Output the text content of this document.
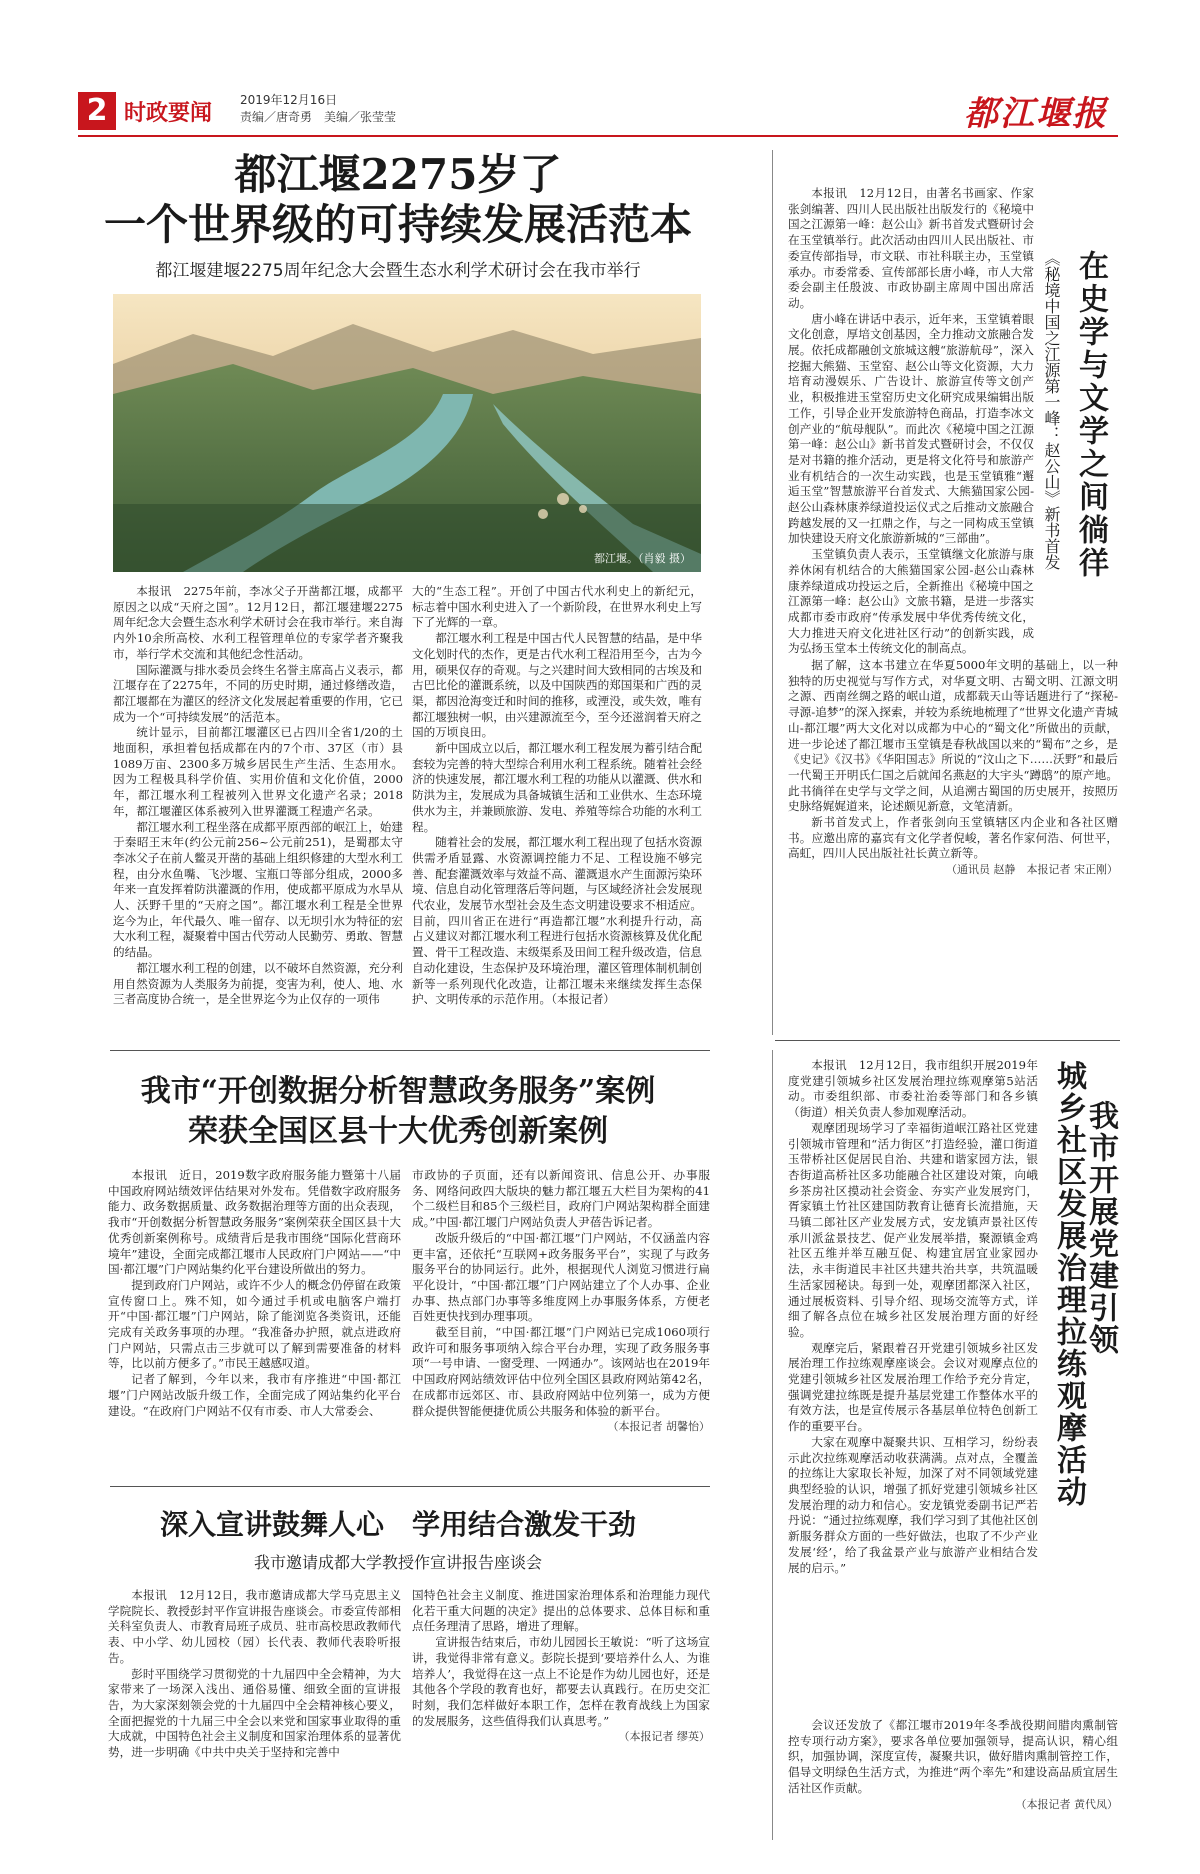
2 时政要闻
2019年12月16日
责编／唐奇勇　美编／张莹莹	都江堰报
都江堰2275岁了
一个世界级的可持续发展活范本
都江堰建堰2275周年纪念大会暨生态水利学术研讨会在我市举行
都江堰。（肖毅 摄）

本报讯　2275年前，李冰父子开凿都江堰，成都平原因之以成“天府之国”。12月12日，都江堰建堰2275周年纪念大会暨生态水利学术研讨会在我市举行。来自海内外10余所高校、水利工程管理单位的专家学者齐聚我市，举行学术交流和其他纪念性活动。

国际灌溉与排水委员会终生名誉主席高占义表示，都江堰存在了2275年，不同的历史时期，通过修缮改造，都江堰都在为灌区的经济文化发展起着重要的作用，它已成为一个“可持续发展”的活范本。

统计显示，目前都江堰灌区已占四川全省1/20的土地面积，承担着包括成都在内的7个市、37区（市）县1089万亩、2300多万城乡居民生产生活、生态用水。因为工程极具科学价值、实用价值和文化价值，2000年，都江堰水利工程被列入世界文化遗产名录；2018年，都江堰灌区体系被列入世界灌溉工程遗产名录。

都江堰水利工程坐落在成都平原西部的岷江上，始建于秦昭王末年(约公元前256~公元前251)，是蜀郡太守李冰父子在前人鳖灵开凿的基础上组织修建的大型水利工程，由分水鱼嘴、飞沙堰、宝瓶口等部分组成，2000多年来一直发挥着防洪灌溉的作用，使成都平原成为水旱从人、沃野千里的“天府之国”。都江堰水利工程是全世界迄今为止，年代最久、唯一留存、以无坝引水为特征的宏大水利工程，凝聚着中国古代劳动人民勤劳、勇敢、智慧的结晶。

都江堰水利工程的创建，以不破坏自然资源，充分利用自然资源为人类服务为前提，变害为利，使人、地、水三者高度协合统一，是全世界迄今为止仅存的一项伟

大的“生态工程”。开创了中国古代水利史上的新纪元，标志着中国水利史进入了一个新阶段，在世界水利史上写下了光辉的一章。

都江堰水利工程是中国古代人民智慧的结晶，是中华文化划时代的杰作，更是古代水利工程沿用至今，古为今用，硕果仅存的奇观。与之兴建时间大致相同的古埃及和古巴比伦的灌溉系统，以及中国陕西的郑国渠和广西的灵渠，都因沧海变迁和时间的推移，或湮没，或失效，唯有都江堰独树一帜，由兴建源流至今，至今还滋润着天府之国的万顷良田。

新中国成立以后，都江堰水利工程发展为蓄引结合配套较为完善的特大型综合利用水利工程系统。随着社会经济的快速发展，都江堰水利工程的功能从以灌溉、供水和防洪为主，发展成为具备城镇生活和工业供水、生态环境供水为主，并兼顾旅游、发电、养殖等综合功能的水利工程。

随着社会的发展，都江堰水利工程出现了包括水资源供需矛盾显露、水资源调控能力不足、工程设施不够完善、配套灌溉效率与效益不高、灌溉退水产生面源污染环境、信息自动化管理落后等问题，与区域经济社会发展现代农业，发展节水型社会及生态文明建设要求不相适应。目前，四川省正在进行“再造都江堰”水利提升行动，高占义建议对都江堰水利工程进行包括水资源核算及优化配置、骨干工程改造、末级渠系及田间工程升级改造，信息自动化建设，生态保护及环境治理，灌区管理体制机制创新等一系列现代化改造，让都江堰未来继续发挥生态保护、文明传承的示范作用。（本报记者）

本报讯　12月12日，由著名书画家、作家张剑编著、四川人民出版社出版发行的《秘境中国之江源第一峰：赵公山》新书首发式暨研讨会在玉堂镇举行。此次活动由四川人民出版社、市委宣传部指导，市文联、市社科联主办，玉堂镇承办。市委常委、宣传部部长唐小峰，市人大常委会副主任殷波、市政协副主席周中国出席活动。

唐小峰在讲话中表示，近年来，玉堂镇着眼文化创意，厚培文创基因，全力推动文旅融合发展。依托成都融创文旅城这艘“旅游航母”，深入挖掘大熊猫、玉堂窑、赵公山等文化资源，大力培育动漫娱乐、广告设计、旅游宣传等文创产业，积极推进玉堂窑历史文化研究成果编辑出版工作，引导企业开发旅游特色商品，打造李冰文创产业的“航母舰队”。而此次《秘境中国之江源第一峰：赵公山》新书首发式暨研讨会，不仅仅是对书籍的推介活动，更是将文化符号和旅游产业有机结合的一次生动实践，也是玉堂镇雅“邂逅玉堂”智慧旅游平台首发式、大熊猫国家公园-赵公山森林康养绿道投运仪式之后推动文旅融合跨越发展的又一扛鼎之作，与之一同构成玉堂镇加快建设天府文化旅游新城的“三部曲”。

玉堂镇负责人表示，玉堂镇继文化旅游与康养休闲有机结合的大熊猫国家公园-赵公山森林康养绿道成功投运之后，全新推出《秘境中国之江源第一峰：赵公山》文旅书籍，是进一步落实成都市委市政府“传承发展中华优秀传统文化，大力推进天府文化进社区行动”的创新实践，成为弘扬玉堂本土传统文化的制高点。

据了解，这本书建立在华夏5000年文明的基础上，以一种独特的历史视觉与写作方式，对华夏文明、古蜀文明、江源文明之源、西南丝绸之路的岷山道，成都载天山等话题进行了“探秘-寻源-追梦”的深入探索，并较为系统地梳理了“世界文化遗产青城山-都江堰”两大文化对以成都为中心的“蜀文化”所做出的贡献，进一步论述了都江堰市玉堂镇是春秋战国以来的“蜀布”之乡，是《史记》《汉书》《华阳国志》所说的“汶山之下……沃野”和最后一代蜀王开明氏仁国之后就闻名燕赵的大宇头“蹲鸱”的原产地。此书徜徉在史学与文学之间，从追溯古蜀国的历史展开，按照历史脉络娓娓道来，论述颇见新意，文笔清新。

新书首发式上，作者张剑向玉堂镇辖区内企业和各社区赠书。应邀出席的嘉宾有文化学者倪峻，著名作家何浩、何世平，高虹，四川人民出版社社长黄立新等。

（通讯员 赵静　本报记者 宋正刚）
在史学与文学之间徜徉
《秘境中国之江源第一峰：赵公山》新书首发
我市“开创数据分析智慧政务服务”案例
荣获全国区县十大优秀创新案例

本报讯　近日，2019数字政府服务能力暨第十八届中国政府网站绩效评估结果对外发布。凭借数字政府服务能力、政务数据质量、政务数据治理等方面的出众表现，我市“开创数据分析智慧政务服务”案例荣获全国区县十大优秀创新案例称号。成绩背后是我市围绕“国际化营商环境年”建设，全面完成都江堰市人民政府门户网站——“中国·都江堰”门户网站集约化平台建设所做出的努力。

提到政府门户网站，或许不少人的概念仍停留在政策宣传窗口上。殊不知，如今通过手机或电脑客户端打开“中国·都江堰”门户网站，除了能浏览各类资讯，还能完成有关政务事项的办理。“我准备办护照，就点进政府门户网站，只需点击三步就可以了解到需要准备的材料等，比以前方便多了。”市民王越感叹道。

记者了解到，今年以来，我市有序推进“中国·都江堰”门户网站改版升级工作，全面完成了网站集约化平台建设。“在政府门户网站不仅有市委、市人大常委会、

市政协的子页面，还有以新闻资讯、信息公开、办事服务、网络问政四大版块的魅力都江堰五大栏目为架构的41个二级栏目和85个三级栏目，政府门户网站架构群全面建成。”中国·都江堰门户网站负责人尹蓓告诉记者。

改版升级后的“中国·都江堰”门户网站，不仅涵盖内容更丰富，还依托“互联网+政务服务平台”，实现了与政务服务平台的协同运行。此外，根据现代人浏览习惯进行扁平化设计，“中国·都江堰”门户网站建立了个人办事、企业办事、热点部门办事等多维度网上办事服务体系，方便老百姓更快找到办理事项。

截至目前，“中国·都江堰”门户网站已完成1060项行政许可和服务事项纳入综合平台办理，实现了政务服务事项“一号申请、一窗受理、一网通办”。该网站也在2019年中国政府网站绩效评估中位列全国区县政府网站第42名，在成都市远郊区、市、县政府网站中位列第一，成为方便群众提供智能便捷优质公共服务和体验的新平台。

（本报记者 胡馨怡）
深入宣讲鼓舞人心　学用结合激发干劲
我市邀请成都大学教授作宣讲报告座谈会

本报讯　12月12日，我市邀请成都大学马克思主义学院院长、教授彭封平作宣讲报告座谈会。市委宣传部相关科室负责人、市教育局班子成员、驻市高校思政教师代表、中小学、幼儿园校（园）长代表、教师代表聆听报告。

彭时平围绕学习贯彻党的十九届四中全会精神，为大家带来了一场深入浅出、通俗易懂、细致全面的宣讲报告，为大家深刻领会党的十九届四中全会精神核心要义，全面把握党的十九届三中全会以来党和国家事业取得的重大成就，中国特色社会主义制度和国家治理体系的显著优势，进一步明确《中共中央关于坚持和完善中

国特色社会主义制度、推进国家治理体系和治理能力现代化若干重大问题的决定》提出的总体要求、总体目标和重点任务理清了思路，增进了理解。

宣讲报告结束后，市幼儿园园长王敏说：“听了这场宣讲，我觉得非常有意义。彭院长提到‘要培养什么人、为谁培养人’，我觉得在这一点上不论是作为幼儿园也好，还是其他各个学段的教育也好，都要去认真践行。在历史交汇时刻，我们怎样做好本职工作，怎样在教育战线上为国家的发展服务，这些值得我们认真思考。”

（本报记者 缪英）

本报讯　12月12日，我市组织开展2019年度党建引领城乡社区发展治理拉练观摩第5站活动。市委组织部、市委社治委等部门和各乡镇（街道）相关负责人参加观摩活动。

观摩团现场学习了幸福街道岷江路社区党建引领城市管理和“活力街区”打造经验，灌口街道玉带桥社区促居民自治、共建和谐家园方法，银杏街道高桥社区多功能融合社区建设对策，向峨乡茶房社区摸动社会资金、夯实产业发展窍门，胥家镇土竹社区建国防教育让德育长流措施，天马镇二郎社区产业发展方式，安龙镇声景社区传承川派盆景技艺、促产业发展举措，聚源镇金鸡社区五维并举互融互促、构建宜居宜业家园办法，永丰街道民丰社区共建共治共享，共筑温暖生活家园秘诀。每到一处，观摩团都深入社区，通过展板资料、引导介绍、现场交流等方式，详细了解各点位在城乡社区发展治理方面的好经验。

观摩完后，紧跟着召开党建引领城乡社区发展治理工作拉练观摩座谈会。会议对观摩点位的党建引领城乡社区发展治理工作给予充分肯定，强调党建拉练既是提升基层党建工作整体水平的有效方法，也是宣传展示各基层单位特色创新工作的重要平台。

大家在观摩中凝聚共识、互相学习，纷纷表示此次拉练观摩活动收获满满。点对点，全覆盖的拉练让大家取长补短，加深了对不同领域党建典型经验的认识，增强了抓好党建引领城乡社区发展治理的动力和信心。安龙镇党委副书记严若丹说：“通过拉练观摩，我们学习到了其他社区创新服务群众方面的一些好做法，也取了不少产业发展‘经’，给了我盆景产业与旅游产业相结合发展的启示。”

会议还发放了《都江堰市2019年冬季战役期间腊肉熏制管控专项行动方案》，要求各单位要加强领导，提高认识，精心组织，加强协调，深度宣传，凝聚共识，做好腊肉熏制管控工作，倡导文明绿色生活方式，为推进“两个率先”和建设高品质宜居生活社区作贡献。

（本报记者 黄代凤）
我市开展党建引领
城乡社区发展治理拉练观摩活动
